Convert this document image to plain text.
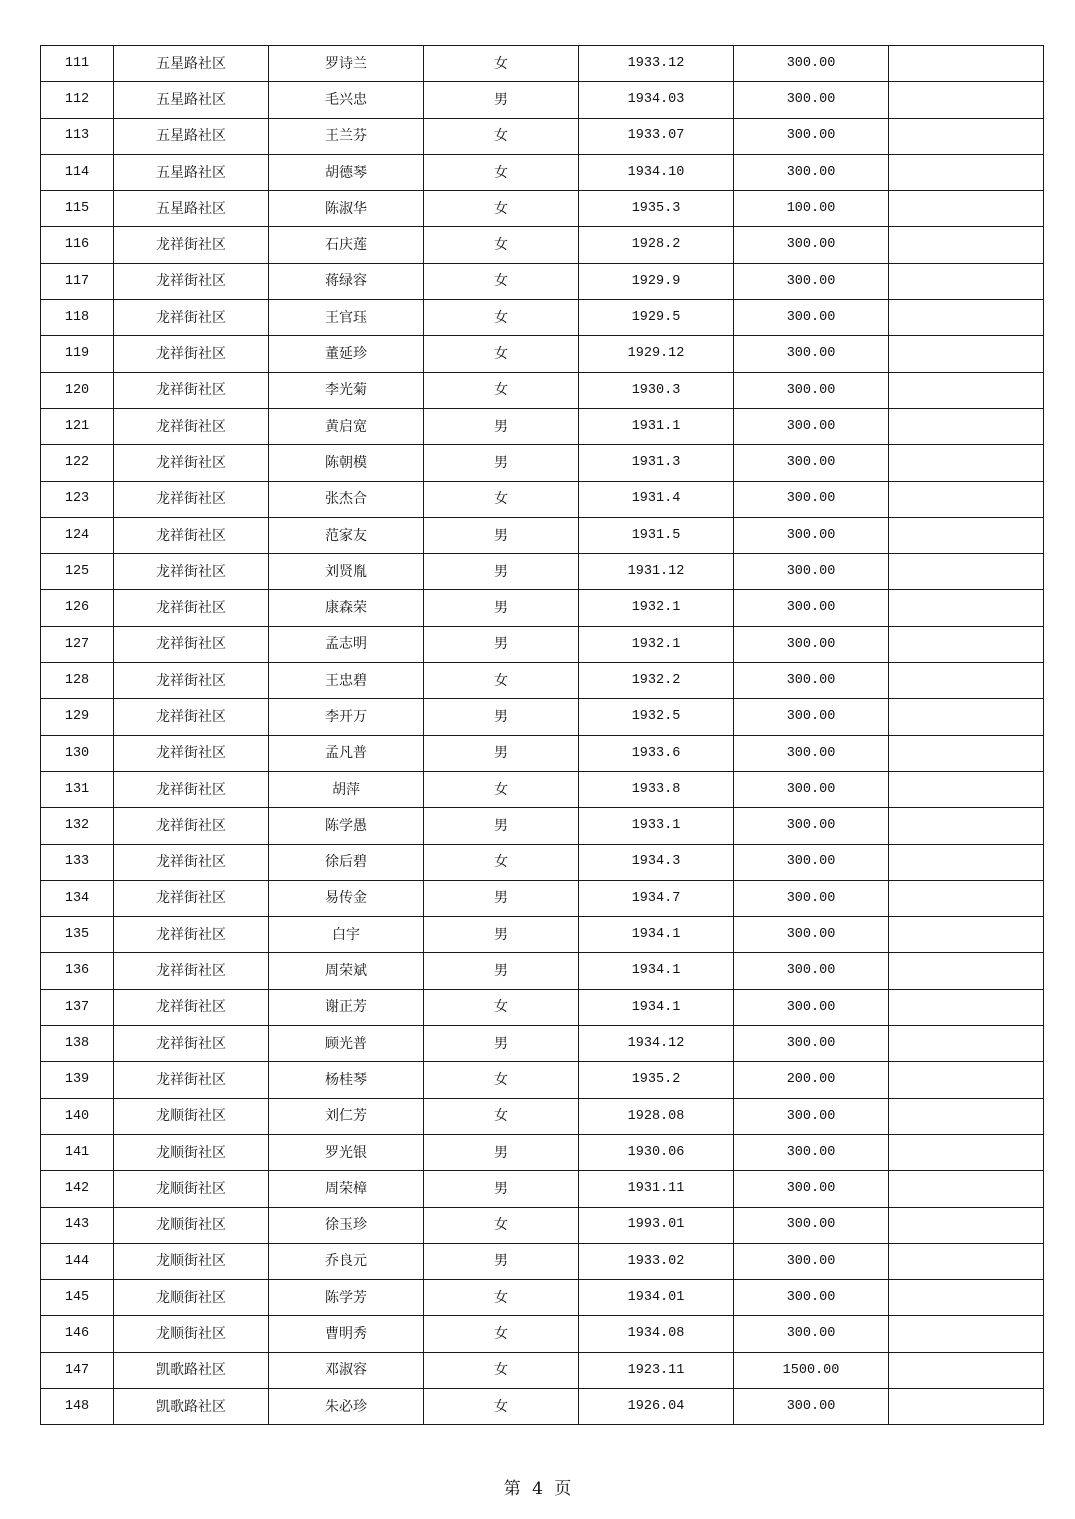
111	五星路社区	罗诗兰	女	1933.12	300.00	
112	五星路社区	毛兴忠	男	1934.03	300.00	
113	五星路社区	王兰芬	女	1933.07	300.00	
114	五星路社区	胡德琴	女	1934.10	300.00	
115	五星路社区	陈淑华	女	1935.3	100.00	
116	龙祥街社区	石庆莲	女	1928.2	300.00	
117	龙祥街社区	蒋绿容	女	1929.9	300.00	
118	龙祥街社区	王官珏	女	1929.5	300.00	
119	龙祥街社区	董延珍	女	1929.12	300.00	
120	龙祥街社区	李光菊	女	1930.3	300.00	
121	龙祥街社区	黄启宽	男	1931.1	300.00	
122	龙祥街社区	陈朝模	男	1931.3	300.00	
123	龙祥街社区	张杰合	女	1931.4	300.00	
124	龙祥街社区	范家友	男	1931.5	300.00	
125	龙祥街社区	刘贤胤	男	1931.12	300.00	
126	龙祥街社区	康森荣	男	1932.1	300.00	
127	龙祥街社区	孟志明	男	1932.1	300.00	
128	龙祥街社区	王忠碧	女	1932.2	300.00	
129	龙祥街社区	李开万	男	1932.5	300.00	
130	龙祥街社区	孟凡普	男	1933.6	300.00	
131	龙祥街社区	胡萍	女	1933.8	300.00	
132	龙祥街社区	陈学愚	男	1933.1	300.00	
133	龙祥街社区	徐后碧	女	1934.3	300.00	
134	龙祥街社区	易传金	男	1934.7	300.00	
135	龙祥街社区	白宇	男	1934.1	300.00	
136	龙祥街社区	周荣斌	男	1934.1	300.00	
137	龙祥街社区	谢正芳	女	1934.1	300.00	
138	龙祥街社区	顾光普	男	1934.12	300.00	
139	龙祥街社区	杨桂琴	女	1935.2	200.00	
140	龙顺街社区	刘仁芳	女	1928.08	300.00	
141	龙顺街社区	罗光银	男	1930.06	300.00	
142	龙顺街社区	周荣樟	男	1931.11	300.00	
143	龙顺街社区	徐玉珍	女	1993.01	300.00	
144	龙顺街社区	乔良元	男	1933.02	300.00	
145	龙顺街社区	陈学芳	女	1934.01	300.00	
146	龙顺街社区	曹明秀	女	1934.08	300.00	
147	凯歌路社区	邓淑容	女	1923.11	1500.00	
148	凯歌路社区	朱必珍	女	1926.04	300.00	
第 4 页
